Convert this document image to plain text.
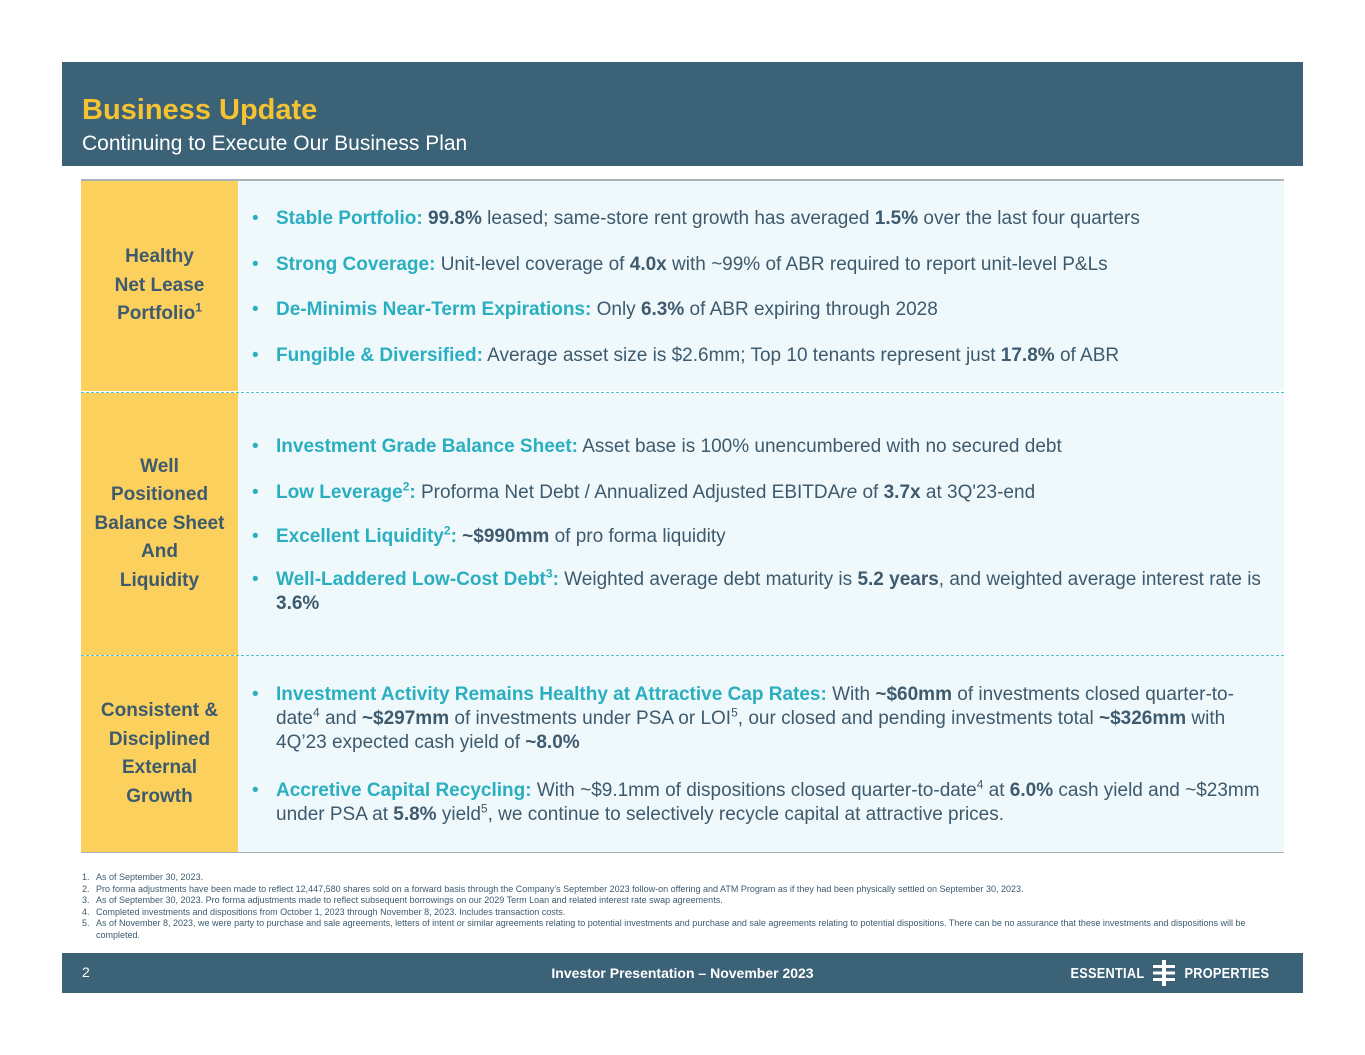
Business Update
Continuing to Execute Our Business Plan
Healthy
Net Lease
Portfolio$^1$
• Stable Portfolio: 99.8% leased; same-store rent growth has averaged 1.5% over the last four quarters
• Strong Coverage: Unit-level coverage of 4.0x with ~99% of ABR required to report unit-level P&Ls
• De-Minimis Near-Term Expirations: Only 6.3% of ABR expiring through 2028
• Fungible & Diversified: Average asset size is $2.6mm; Top 10 tenants represent just 17.8% of ABR
Well
Positioned
Balance Sheet
And
Liquidity
• Investment Grade Balance Sheet: Asset base is 100% unencumbered with no secured debt
• Low Leverage$^2$: Proforma Net Debt / Annualized Adjusted EBITDAre of 3.7x at 3Q'23-end
• Excellent Liquidity$^2$: ~$990mm of pro forma liquidity
• Well-Laddered Low-Cost Debt$^3$: Weighted average debt maturity is 5.2 years, and weighted average interest rate is 3.6%
Consistent &
Disciplined
External
Growth
• Investment Activity Remains Healthy at Attractive Cap Rates: With ~$60mm of investments closed quarter-to-date$^4$ and ~$297mm of investments under PSA or LOI$^5$, our closed and pending investments total ~$326mm with 4Q’23 expected cash yield of ~8.0%
• Accretive Capital Recycling: With ~$9.1mm of dispositions closed quarter-to-date$^4$ at 6.0% cash yield and ~$23mm under PSA at 5.8% yield$^5$, we continue to selectively recycle capital at attractive prices.
1. As of September 30, 2023.
2. Pro forma adjustments have been made to reflect 12,447,580 shares sold on a forward basis through the Company’s September 2023 follow-on offering and ATM Program as if they had been physically settled on September 30, 2023.
3. As of September 30, 2023. Pro forma adjustments made to reflect subsequent borrowings on our 2029 Term Loan and related interest rate swap agreements.
4. Completed investments and dispositions from October 1, 2023 through November 8, 2023. Includes transaction costs.
5. As of November 8, 2023, we were party to purchase and sale agreements, letters of intent or similar agreements relating to potential investments and purchase and sale agreements relating to potential dispositions. There can be no assurance that these investments and dispositions will be completed.
2	Investor Presentation – November 2023	ESSENTIAL	PROPERTIES
